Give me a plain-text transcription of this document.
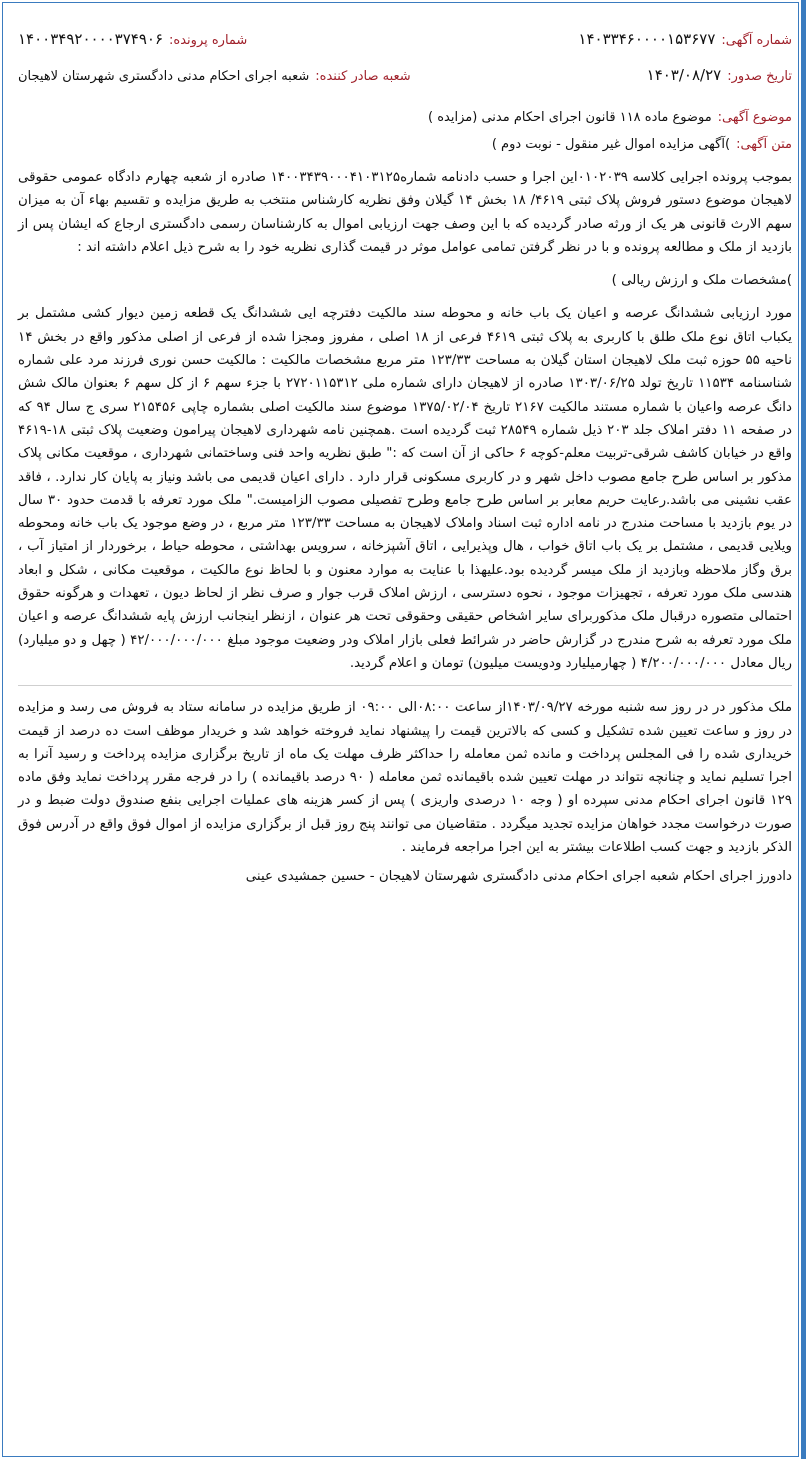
شماره آگهی:
۱۴۰۳۳۴۶۰۰۰۰۱۵۳۶۷۷
شماره پرونده:
۱۴۰۰۳۴۹۲۰۰۰۰۳۷۴۹۰۶
تاریخ صدور:
۱۴۰۳/۰۸/۲۷
شعبه صادر کننده:
شعبه اجرای احکام مدنی دادگستری شهرستان لاهیجان
موضوع آگهی:
موضوع ماده ۱۱۸ قانون اجرای احکام مدنی (مزایده )
متن آگهی:
)آگهی مزایده اموال غیر منقول - نوبت دوم )

بموجب پرونده اجرایی کلاسه ۰۱۰۲۰۳۹این اجرا و حسب دادنامه شماره۱۴۰۰۳۴۳۹۰۰۰۴۱۰۳۱۲۵ صادره از شعبه چهارم دادگاه عمومی حقوقی لاهیجان موضوع دستور فروش پلاک ثبتی ۴۶۱۹/ ۱۸ بخش ۱۴ گیلان وفق نظریه کارشناس منتخب به طریق مزایده و تقسیم بهاء آن به میزان سهم الارث قانونی هر یک از ورثه صادر گردیده که با این وصف جهت ارزیابی اموال به کارشناسان رسمی دادگستری ارجاع که ایشان پس از بازدید از ملک و مطالعه پرونده و با در نظر گرفتن تمامی عوامل موثر در قیمت گذاری نظریه خود را به شرح ذیل اعلام داشته اند :

)مشخصات ملک و ارزش ریالی )

مورد ارزیابی ششدانگ عرصه و اعیان یک باب خانه و محوطه سند مالکیت دفترچه ایی ششدانگ یک قطعه زمین دیوار کشی مشتمل بر یکباب اتاق نوع ملک طلق با کاربری به پلاک ثبتی ۴۶۱۹ فرعی از ۱۸ اصلی ، مفروز ومجزا شده از فرعی از اصلی مذکور واقع در بخش ۱۴ ناحیه ۵۵ حوزه ثبت ملک لاهیجان استان گیلان به مساحت ۱۲۳/۳۳ متر مربع مشخصات مالکیت : مالکیت حسن نوری فرزند مرد علی شماره شناسنامه ۱۱۵۳۴ تاریخ تولد ۱۳۰۳/۰۶/۲۵ صادره از لاهیجان دارای شماره ملی ۲۷۲۰۱۱۵۳۱۲ با جزء سهم ۶ از کل سهم ۶ بعنوان مالک شش دانگ عرصه واعیان با شماره مستند مالکیت ۲۱۶۷ تاریخ ۱۳۷۵/۰۲/۰۴ موضوع سند مالکیت اصلی بشماره چاپی ۲۱۵۴۵۶ سری ج سال ۹۴ که در صفحه ۱۱ دفتر املاک جلد ۲۰۳ ذیل شماره ۲۸۵۴۹ ثبت گردیده است .همچنین نامه شهرداری لاهیجان پیرامون وضعیت پلاک ثبتی ۱۸-۴۶۱۹ واقع در خیابان کاشف شرقی-تربیت معلم-کوچه ۶ حاکی از آن است که :" طبق نظریه واحد فنی وساختمانی شهرداری ، موقعیت مکانی پلاک مذکور بر اساس طرح جامع مصوب داخل شهر و در کاربری مسکونی قرار دارد . دارای اعیان قدیمی می باشد ونیاز به پایان کار ندارد. ، فاقد عقب نشینی می باشد.رعایت حریم معابر بر اساس طرح جامع وطرح تفصیلی مصوب الزامیست." ملک مورد تعرفه با قدمت حدود ۳۰ سال در یوم بازدید با مساحت مندرج در نامه اداره ثبت اسناد واملاک لاهیجان به مساحت ۱۲۳/۳۳ متر مربع ، در وضع موجود یک باب خانه ومحوطه ویلایی قدیمی ، مشتمل بر یک باب اتاق خواب ، هال وپذیرایی ، اتاق آشپزخانه ، سرویس بهداشتی ، محوطه حیاط ، برخوردار از امتیاز آب ، برق وگاز ملاحظه وبازدید از ملک میسر گردیده بود.علیهذا با عنایت به موارد معنون و با لحاظ نوع مالکیت ، موقعیت مکانی ، شکل و ابعاد هندسی ملک مورد تعرفه ، تجهیزات موجود ، نحوه دسترسی ، ارزش املاک قرب جوار و صرف نظر از لحاظ دیون ، تعهدات و هرگونه حقوق احتمالی متصوره درقبال ملک مذکوربرای سایر اشخاص حقیقی وحقوقی تحت هر عنوان ، ازنظر اینجانب ارزش پایه ششدانگ عرصه و اعیان ملک مورد تعرفه به شرح مندرج در گزارش حاضر در شرائط فعلی بازار املاک ودر وضعیت موجود مبلغ ۴۲/۰۰۰/۰۰۰/۰۰۰ ( چهل و دو میلیارد) ریال معادل ۴/۲۰۰/۰۰۰/۰۰۰ ( چهارمیلیارد ودویست میلیون) تومان و اعلام گردید.

ملک مذکور در در روز سه شنبه مورخه ۱۴۰۳/۰۹/۲۷از ساعت ۰۸:۰۰الی ۰۹:۰۰ از طریق مزایده در سامانه ستاد به فروش می رسد و مزایده در روز و ساعت تعیین شده تشکیل و کسی که بالاترین قیمت را پیشنهاد نماید فروخته خواهد شد و خریدار موظف است ده درصد از قیمت خریداری شده را فی المجلس پرداخت و مانده ثمن معامله را حداکثر ظرف مهلت یک ماه از تاریخ برگزاری مزایده پرداخت و رسید آنرا به اجرا تسلیم نماید و چنانچه نتواند در مهلت تعیین شده باقیمانده ثمن معامله ( ۹۰ درصد باقیمانده ) را در فرجه مقرر پرداخت نماید وفق ماده ۱۲۹ قانون اجرای احکام مدنی سپرده او ( وجه ۱۰ درصدی واریزی ) پس از کسر هزینه های عملیات اجرایی بنفع صندوق دولت ضبط و در صورت درخواست مجدد خواهان مزایده تجدید میگردد . متقاضیان می توانند پنج روز قبل از برگزاری مزایده از اموال فوق واقع در آدرس فوق الذکر بازدید و جهت کسب اطلاعات بیشتر به این اجرا مراجعه فرمایند .

دادورز اجرای احکام شعبه اجرای احکام مدنی دادگستری شهرستان لاهیجان - حسین جمشیدی عینی
